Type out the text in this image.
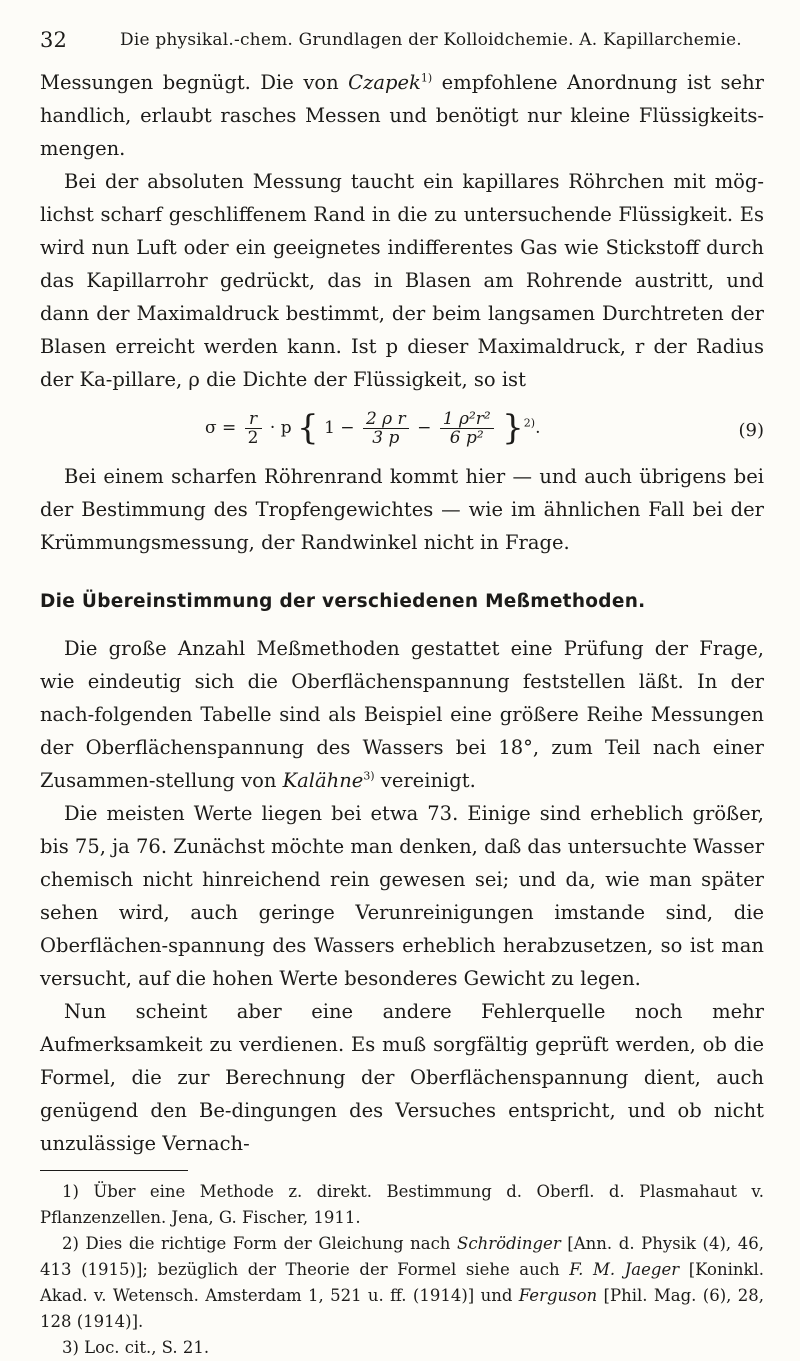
32	Die physikal.-chem. Grundlagen der Kolloidchemie. A. Kapillarchemie.

Messungen begnügt. Die von Czapek$^{1)}$ empfohlene Anordnung ist sehr handlich, erlaubt rasches Messen und benötigt nur kleine Flüssigkeits-mengen.

Bei der absoluten Messung taucht ein kapillares Röhrchen mit mög-lichst scharf geschliffenem Rand in die zu untersuchende Flüssigkeit. Es wird nun Luft oder ein geeignetes indifferentes Gas wie Stickstoff durch das Kapillarrohr gedrückt, das in Blasen am Rohrende austritt, und dann der Maximaldruck bestimmt, der beim langsamen Durchtreten der Blasen erreicht werden kann. Ist p dieser Maximaldruck, r der Radius der Ka-pillare, ρ die Dichte der Flüssigkeit, so ist

$\sigma = \frac{r}{2} \cdot p$ { $1 - \frac{\text{2 ρ r}}{3 p} - \frac{\text{1 ρ²r²}}{\text{6 p²}} \}^{2)}$.	(9)

Bei einem scharfen Röhrenrand kommt hier — und auch übrigens bei der Bestimmung des Tropfengewichtes — wie im ähnlichen Fall bei der Krümmungsmessung, der Randwinkel nicht in Frage.

Die Übereinstimmung der verschiedenen Meßmethoden.

Die große Anzahl Meßmethoden gestattet eine Prüfung der Frage, wie eindeutig sich die Oberflächenspannung feststellen läßt. In der nach-folgenden Tabelle sind als Beispiel eine größere Reihe Messungen der Oberflächenspannung des Wassers bei 18°, zum Teil nach einer Zusammen-stellung von Kalähne$^{3)}$ vereinigt.

Die meisten Werte liegen bei etwa 73. Einige sind erheblich größer, bis 75, ja 76. Zunächst möchte man denken, daß das untersuchte Wasser chemisch nicht hinreichend rein gewesen sei; und da, wie man später sehen wird, auch geringe Verunreinigungen imstande sind, die Oberflächen-spannung des Wassers erheblich herabzusetzen, so ist man versucht, auf die hohen Werte besonderes Gewicht zu legen.

Nun scheint aber eine andere Fehlerquelle noch mehr Aufmerksamkeit zu verdienen. Es muß sorgfältig geprüft werden, ob die Formel, die zur Berechnung der Oberflächenspannung dient, auch genügend den Be-dingungen des Versuches entspricht, und ob nicht unzulässige Vernach-

1) Über eine Methode z. direkt. Bestimmung d. Oberfl. d. Plasmahaut v. Pflanzenzellen. Jena, G. Fischer, 1911.

2) Dies die richtige Form der Gleichung nach Schrödinger [Ann. d. Physik (4), 46, 413 (1915)]; bezüglich der Theorie der Formel siehe auch F. M. Jaeger [Koninkl. Akad. v. Wetensch. Amsterdam 1, 521 u. ff. (1914)] und Ferguson [Phil. Mag. (6), 28, 128 (1914)].

3) Loc. cit., S. 21.
